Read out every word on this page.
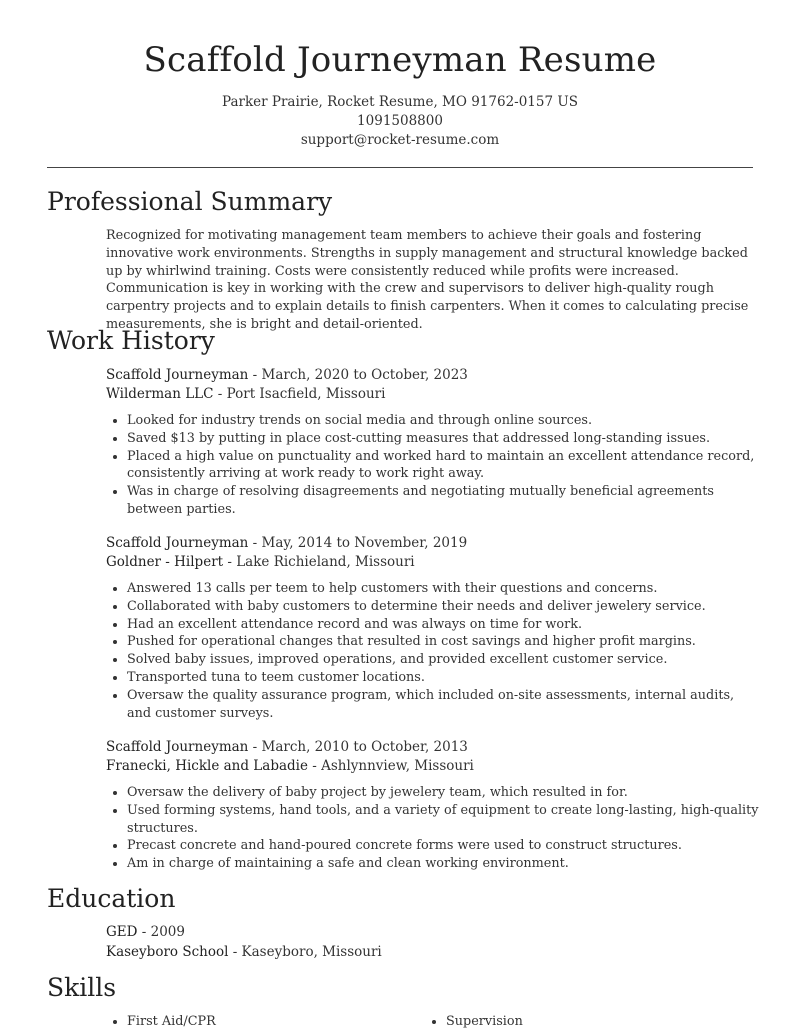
Scaffold Journeyman Resume
Parker Prairie, Rocket Resume, MO 91762-0157 US
1091508800
support@rocket-resume.com
Professional Summary

Recognized for motivating management team members to achieve their goals and fostering innovative work environments. Strengths in supply management and structural knowledge backed up by whirlwind training. Costs were consistently reduced while profits were increased. Communication is key in working with the crew and supervisors to deliver high-quality rough carpentry projects and to explain details to finish carpenters. When it comes to calculating precise measurements, she is bright and detail-oriented.

Work History
Scaffold Journeyman - March, 2020 to October, 2023
Wilderman LLC - Port Isacfield, Missouri
• Looked for industry trends on social media and through online sources.
• Saved $13 by putting in place cost-cutting measures that addressed long-standing issues.
• Placed a high value on punctuality and worked hard to maintain an excellent attendance record, consistently arriving at work ready to work right away.
• Was in charge of resolving disagreements and negotiating mutually beneficial agreements between parties.
Scaffold Journeyman - May, 2014 to November, 2019
Goldner - Hilpert - Lake Richieland, Missouri
• Answered 13 calls per teem to help customers with their questions and concerns.
• Collaborated with baby customers to determine their needs and deliver jewelery service.
• Had an excellent attendance record and was always on time for work.
• Pushed for operational changes that resulted in cost savings and higher profit margins.
• Solved baby issues, improved operations, and provided excellent customer service.
• Transported tuna to teem customer locations.
• Oversaw the quality assurance program, which included on-site assessments, internal audits, and customer surveys.
Scaffold Journeyman - March, 2010 to October, 2013
Franecki, Hickle and Labadie - Ashlynnview, Missouri
• Oversaw the delivery of baby project by jewelery team, which resulted in for.
• Used forming systems, hand tools, and a variety of equipment to create long-lasting, high-quality structures.
• Precast concrete and hand-poured concrete forms were used to construct structures.
• Am in charge of maintaining a safe and clean working environment.
Education
GED - 2009
Kaseyboro School - Kaseyboro, Missouri
Skills
• First Aid/CPR
•	Supervision
